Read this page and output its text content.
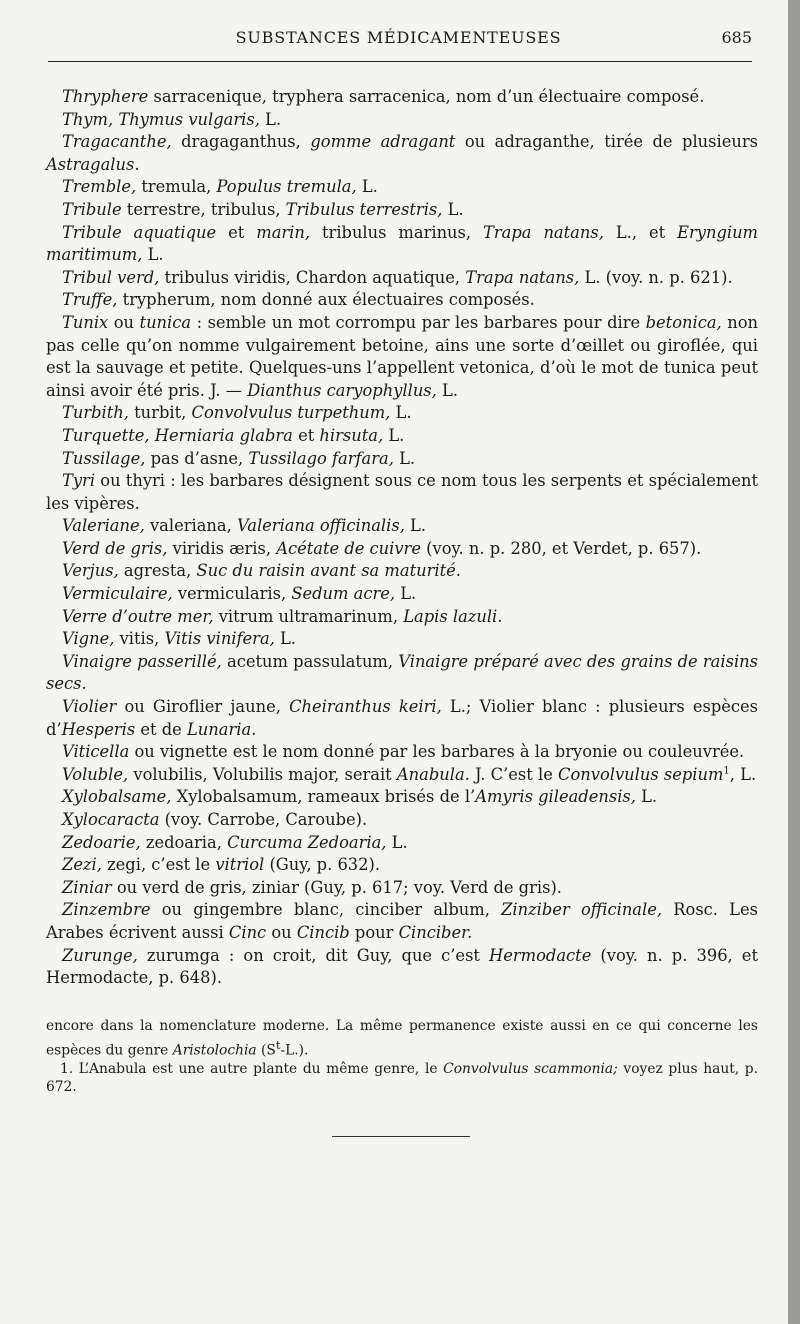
SUBSTANCES MÉDICAMENTEUSES	685

Thryphere sarracenique, tryphera sarracenica, nom d’un électuaire composé.

Thym, Thymus vulgaris, L.

Tragacanthe, dragaganthus, gomme adragant ou adraganthe, tirée de plusieurs Astragalus.

Tremble, tremula, Populus tremula, L.

Tribule terrestre, tribulus, Tribulus terrestris, L.

Tribule aquatique et marin, tribulus marinus, Trapa natans, L., et Eryngium maritimum, L.

Tribul verd, tribulus viridis, Chardon aquatique, Trapa natans, L. (voy. n. p. 621).

Truffe, trypherum, nom donné aux électuaires composés.

Tunix ou tunica : semble un mot corrompu par les barbares pour dire betonica, non pas celle qu’on nomme vulgairement betoine, ains une sorte d’œillet ou giroflée, qui est la sauvage et petite. Quelques-uns l’appellent vetonica, d’où le mot de tunica peut ainsi avoir été pris. J. — Dianthus caryophyllus, L.

Turbith, turbit, Convolvulus turpethum, L.

Turquette, Herniaria glabra et hirsuta, L.

Tussilage, pas d’asne, Tussilago farfara, L.

Tyri ou thyri : les barbares désignent sous ce nom tous les serpents et spécialement les vipères.

Valeriane, valeriana, Valeriana officinalis, L.

Verd de gris, viridis æris, Acétate de cuivre (voy. n. p. 280, et Verdet, p. 657).

Verjus, agresta, Suc du raisin avant sa maturité.

Vermiculaire, vermicularis, Sedum acre, L.

Verre d’outre mer, vitrum ultramarinum, Lapis lazuli.

Vigne, vitis, Vitis vinifera, L.

Vinaigre passerillé, acetum passulatum, Vinaigre préparé avec des grains de raisins secs.

Violier ou Giroflier jaune, Cheiranthus keiri, L.; Violier blanc : plusieurs espèces d’Hesperis et de Lunaria.

Viticella ou vignette est le nom donné par les barbares à la bryonie ou couleuvrée.

Voluble, volubilis, Volubilis major, serait Anabula. J. C’est le Convolvulus sepium$^1$, L.

Xylobalsame, Xylobalsamum, rameaux brisés de l’Amyris gileadensis, L.

Xylocaracta (voy. Carrobe, Caroube).

Zedoarie, zedoaria, Curcuma Zedoaria, L.

Zezi, zegi, c’est le vitriol (Guy, p. 632).

Ziniar ou verd de gris, ziniar (Guy, p. 617; voy. Verd de gris).

Zinzembre ou gingembre blanc, cinciber album, Zinziber officinale, Rosc. Les Arabes écrivent aussi Cinc ou Cincib pour Cinciber.

Zurunge, zurumga : on croit, dit Guy, que c’est Hermodacte (voy. n. p. 396, et Hermodacte, p. 648).

encore dans la nomenclature moderne. La même permanence existe aussi en ce qui concerne les espèces du genre Aristolochia $(S^t-L.)$.

1. L’Anabula est une autre plante du même genre, le Convolvulus scammonia; voyez plus haut, p. 672.
